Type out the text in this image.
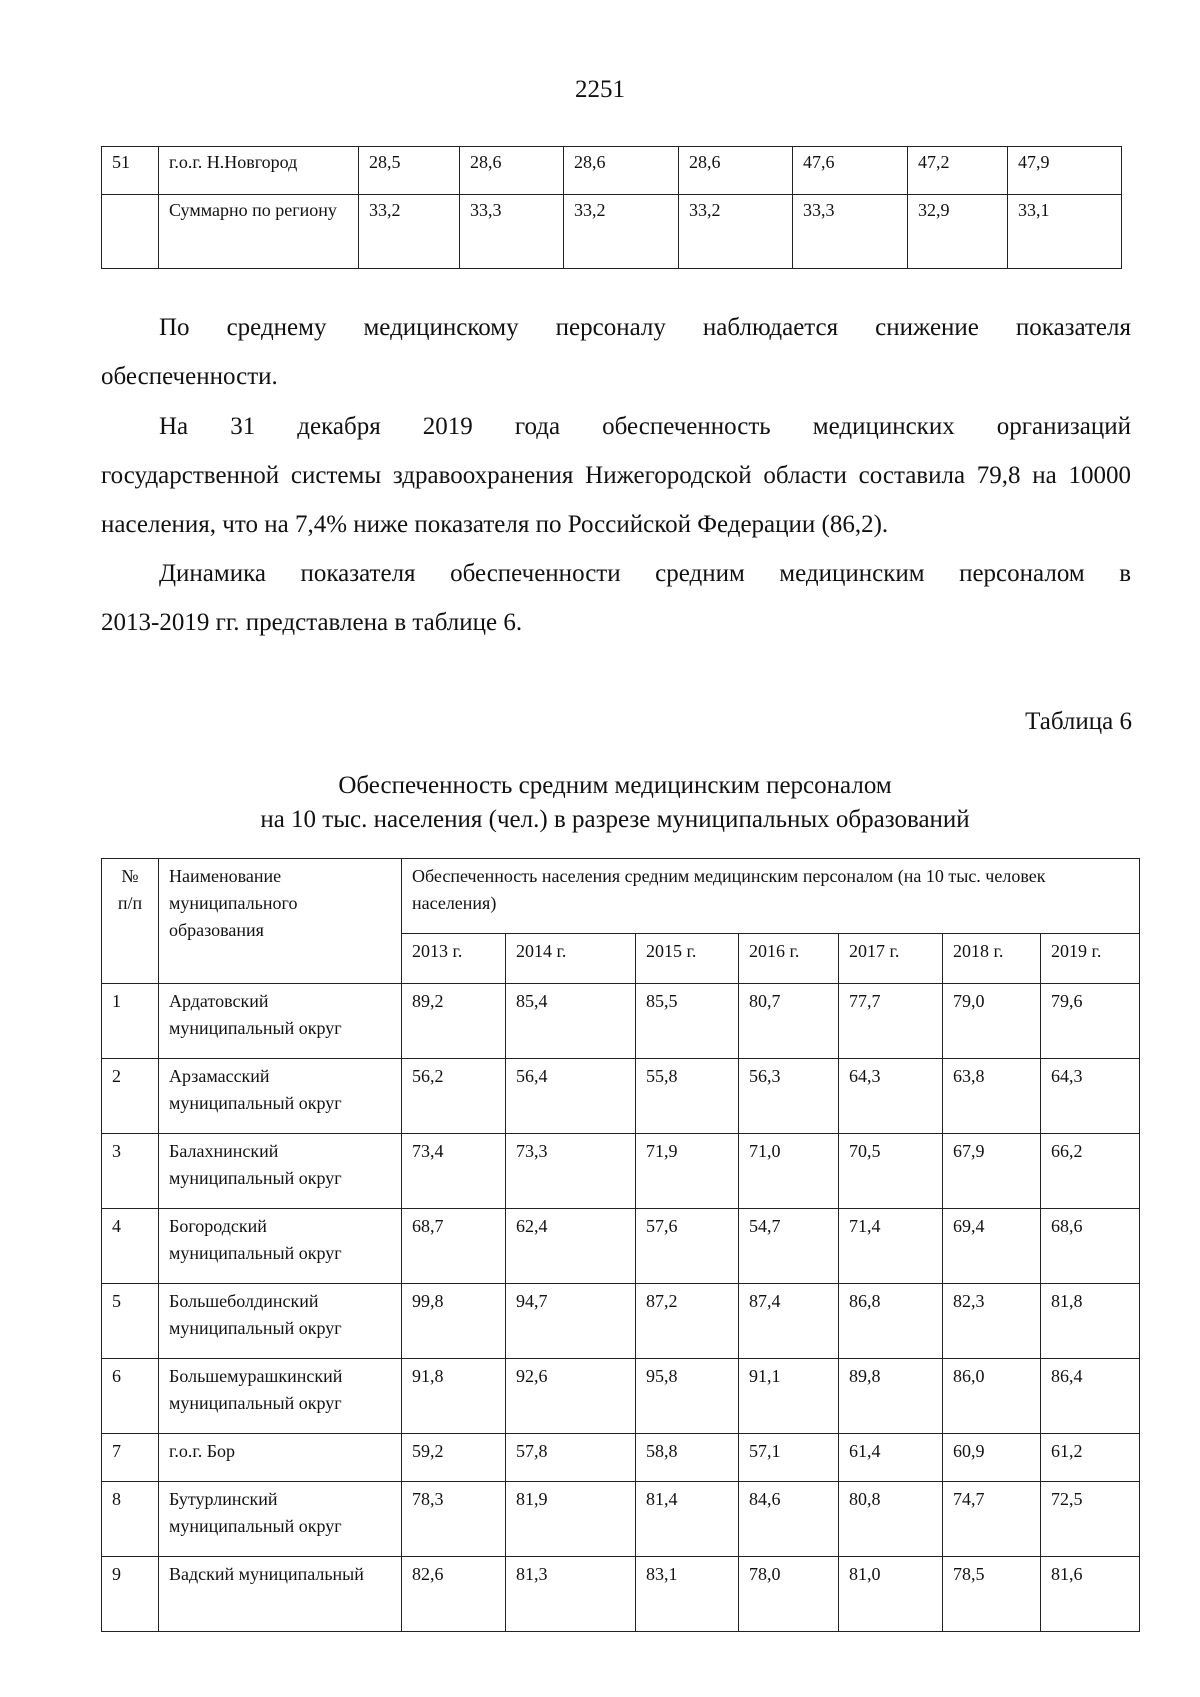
2251
51	г.о.г. Н.Новгород	28,5	28,6	28,6	28,6	47,6	47,2	47,9
	Суммарно по региону	33,2	33,3	33,2	33,2	33,3	32,9	33,1

По среднему медицинскому персоналу наблюдается снижение показателя
обеспеченности.

На 31 декабря 2019 года обеспеченность медицинских организаций
государственной системы здравоохранения Нижегородской области составила 79,8 на 10000 населения, что на 7,4% ниже показателя по Российской Федерации (86,2).

Динамика показателя обеспеченности средним медицинским персоналом в
2013-2019 гг. представлена в таблице 6.

Таблица 6
Обеспеченность средним медицинским персоналом
на 10 тыс. населения (чел.) в разрезе муниципальных образований
№ п/п	Наименование муниципального образования	Обеспеченность населения средним медицинским персоналом (на 10 тыс. человек населения)						
		2013 г.	2014 г.	2015 г.	2016 г.	2017 г.	2018 г.	2019 г.
1	Ардатовский муниципальный округ	89,2	85,4	85,5	80,7	77,7	79,0	79,6
2	Арзамасский муниципальный округ	56,2	56,4	55,8	56,3	64,3	63,8	64,3
3	Балахнинский муниципальный округ	73,4	73,3	71,9	71,0	70,5	67,9	66,2
4	Богородский муниципальный округ	68,7	62,4	57,6	54,7	71,4	69,4	68,6
5	Большеболдинский муниципальный округ	99,8	94,7	87,2	87,4	86,8	82,3	81,8
6	Большемурашкинский муниципальный округ	91,8	92,6	95,8	91,1	89,8	86,0	86,4
7	г.о.г. Бор	59,2	57,8	58,8	57,1	61,4	60,9	61,2
8	Бутурлинский муниципальный округ	78,3	81,9	81,4	84,6	80,8	74,7	72,5
9	Вадский муниципальный	82,6	81,3	83,1	78,0	81,0	78,5	81,6
